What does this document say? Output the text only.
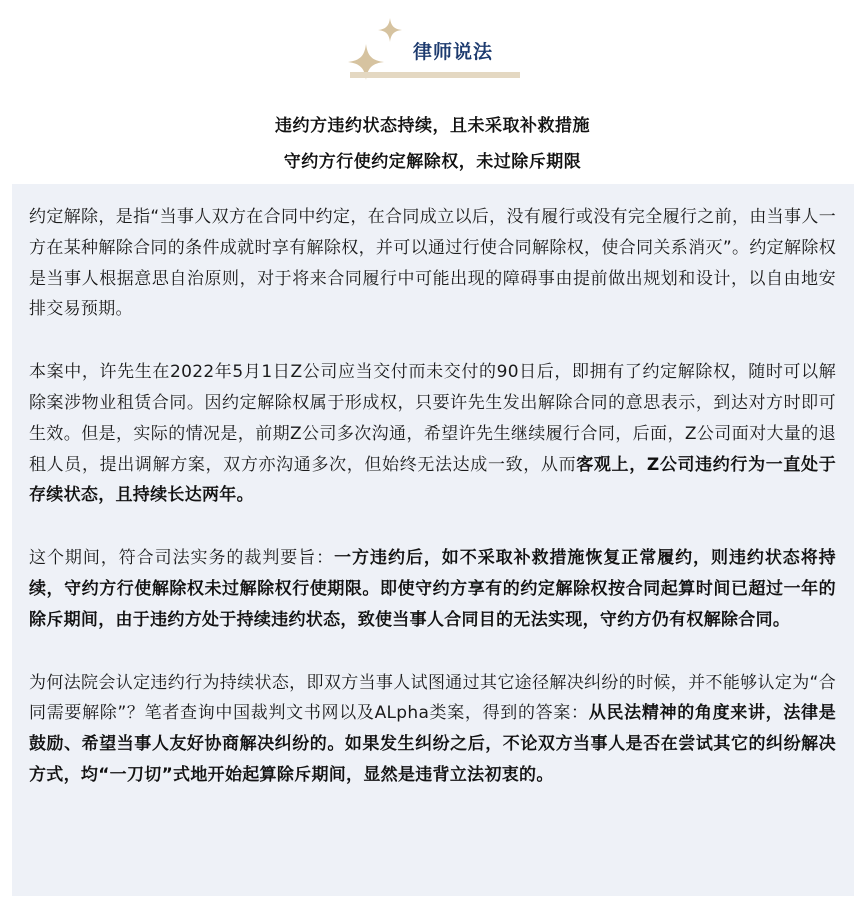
律师说法
违约方违约状态持续，且未采取补救措施
守约方行使约定解除权，未过除斥期限

约定解除，是指“当事人双方在合同中约定，在合同成立以后，没有履行或没有完全履行之前，由当事人一方在某种解除合同的条件成就时享有解除权，并可以通过行使合同解除权，使合同关系消灭”。约定解除权是当事人根据意思自治原则，对于将来合同履行中可能出现的障碍事由提前做出规划和设计，以自由地安排交易预期。

本案中，许先生在2022年5月1日Z公司应当交付而未交付的90日后，即拥有了约定解除权，随时可以解除案涉物业租赁合同。因约定解除权属于形成权，只要许先生发出解除合同的意思表示，到达对方时即可生效。但是，实际的情况是，前期Z公司多次沟通，希望许先生继续履行合同，后面，Z公司面对大量的退租人员，提出调解方案，双方亦沟通多次，但始终无法达成一致，从而客观上，Z公司违约行为一直处于存续状态，且持续长达两年。

这个期间，符合司法实务的裁判要旨：一方违约后，如不采取补救措施恢复正常履约，则违约状态将持续，守约方行使解除权未过解除权行使期限。即使守约方享有的约定解除权按合同起算时间已超过一年的除斥期间，由于违约方处于持续违约状态，致使当事人合同目的无法实现，守约方仍有权解除合同。

为何法院会认定违约行为持续状态，即双方当事人试图通过其它途径解决纠纷的时候，并不能够认定为“合同需要解除”？笔者查询中国裁判文书网以及ALpha类案，得到的答案：从民法精神的角度来讲，法律是鼓励、希望当事人友好协商解决纠纷的。如果发生纠纷之后，不论双方当事人是否在尝试其它的纠纷解决方式，均“一刀切”式地开始起算除斥期间，显然是违背立法初衷的。
